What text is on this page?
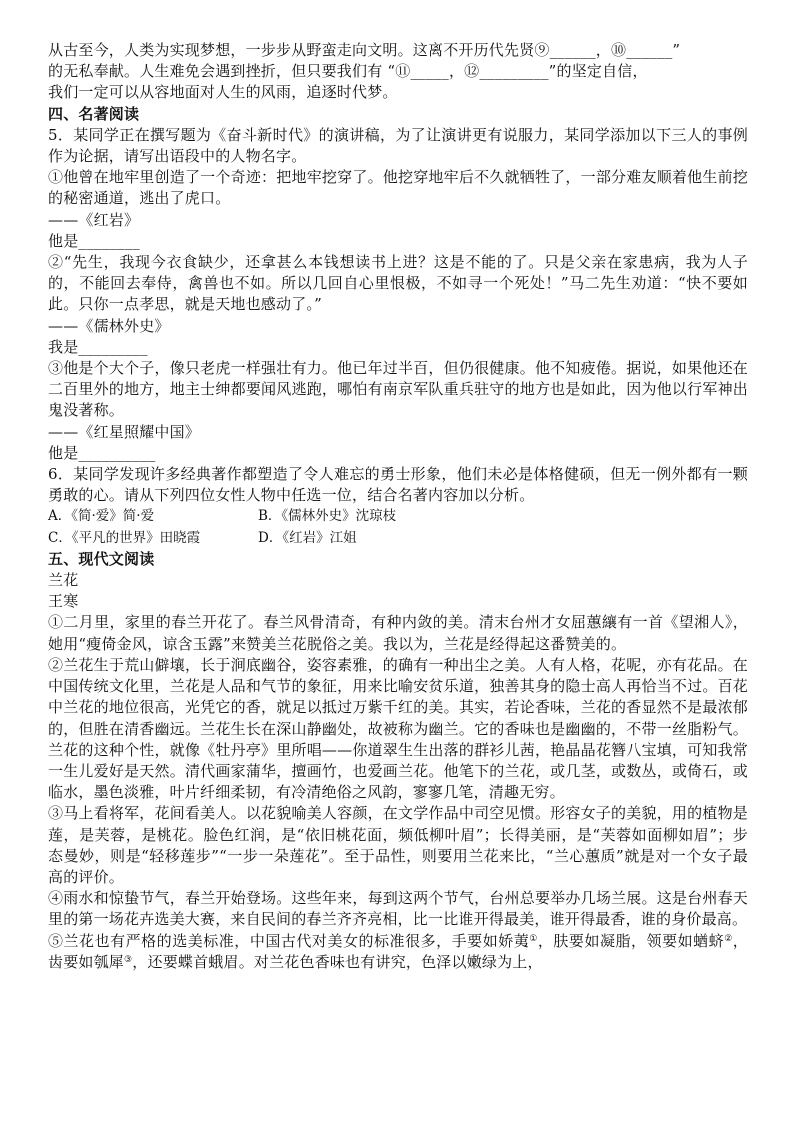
从古至今，人类为实现梦想，一步步从野蛮走向文明。这离不开历代先贤⑨______，⑩______”

的无私奉献。人生难免会遇到挫折，但只要我们有 “⑪_____，⑫_________”的坚定自信，

我们一定可以从容地面对人生的风雨，追逐时代梦。

四、名著阅读

5．某同学正在撰写题为《奋斗新时代》的演讲稿，为了让演讲更有说服力，某同学添加以下三人的事例作为论据，请写出语段中的人物名字。

①他曾在地牢里创造了一个奇迹：把地牢挖穿了。他挖穿地牢后不久就牺牲了，一部分难友顺着他生前挖的秘密通道，逃出了虎口。

——《红岩》

他是________

②“先生，我现今衣食缺少，还拿甚么本钱想读书上进？这是不能的了。只是父亲在家患病，我为人子的，不能回去奉侍，禽兽也不如。所以几回自心里恨极，不如寻一个死处！”马二先生劝道：“快不要如此。只你一点孝思，就是天地也感动了。”

——《儒林外史》

我是_________

③他是个大个子，像只老虎一样强壮有力。他已年过半百，但仍很健康。他不知疲倦。据说，如果他还在二百里外的地方，地主士绅都要闻风逃跑，哪怕有南京军队重兵驻守的地方也是如此，因为他以行军神出鬼没著称。

——《红星照耀中国》

他是__________

6．某同学发现许多经典著作都塑造了令人难忘的勇士形象，他们未必是体格健硕，但无一例外都有一颗勇敢的心。请从下列四位女性人物中任选一位，结合名著内容加以分析。

A．《简·爱》简·爱	B．《儒林外史》沈琼枝
C．《平凡的世界》田晓霞	D．《红岩》江姐

五、现代文阅读

兰花

王寒

①二月里，家里的春兰开花了。春兰风骨清奇，有种内敛的美。清末台州才女屈蕙纕有一首《望湘人》，她用“瘦倚金风，谅含玉露”来赞美兰花脱俗之美。我以为，兰花是经得起这番赞美的。

②兰花生于荒山僻壤，长于涧底幽谷，姿容素雅，的确有一种出尘之美。人有人格，花呢，亦有花品。在中国传统文化里，兰花是人品和气节的象征，用来比喻安贫乐道，独善其身的隐士高人再恰当不过。百花中兰花的地位很高，光凭它的香，就足以抵过万紫千红的美。其实，若论香味，兰花的香显然不是最浓郁的，但胜在清香幽远。兰花生长在深山静幽处，故被称为幽兰。它的香味也是幽幽的，不带一丝脂粉气。兰花的这种个性，就像《牡丹亭》里所唱——你道翠生生出落的群衫儿茜，艳晶晶花簪八宝填，可知我常一生儿爱好是天然。清代画家蒲华，擅画竹，也爱画兰花。他笔下的兰花，或几茎，或数丛，或倚石，或临水，墨色淡雅，叶片纤细柔韧，有冷清绝俗之风韵，寥寥几笔，清趣无穷。

③马上看将军，花间看美人。以花貌喻美人容颜，在文学作品中司空见惯。形容女子的美貌，用的植物是莲，是芙蓉，是桃花。脸色红润，是“依旧桃花面，频低柳叶眉”；长得美丽，是“芙蓉如面柳如眉”；步态曼妙，则是“轻移莲步”“一步一朵莲花”。至于品性，则要用兰花来比，“兰心蕙质”就是对一个女子最高的评价。

④雨水和惊蛰节气，春兰开始登场。这些年来，每到这两个节气，台州总要举办几场兰展。这是台州春天里的第一场花卉选美大赛，来自民间的春兰齐齐亮相，比一比谁开得最美，谁开得最香，谁的身价最高。

⑤兰花也有严格的选美标准，中国古代对美女的标准很多，手要如娇荑①，肤要如凝脂，领要如蝤蛴②，齿要如瓠犀③，还要蝶首蛾眉。对兰花色香味也有讲究，色泽以嫩绿为上，
